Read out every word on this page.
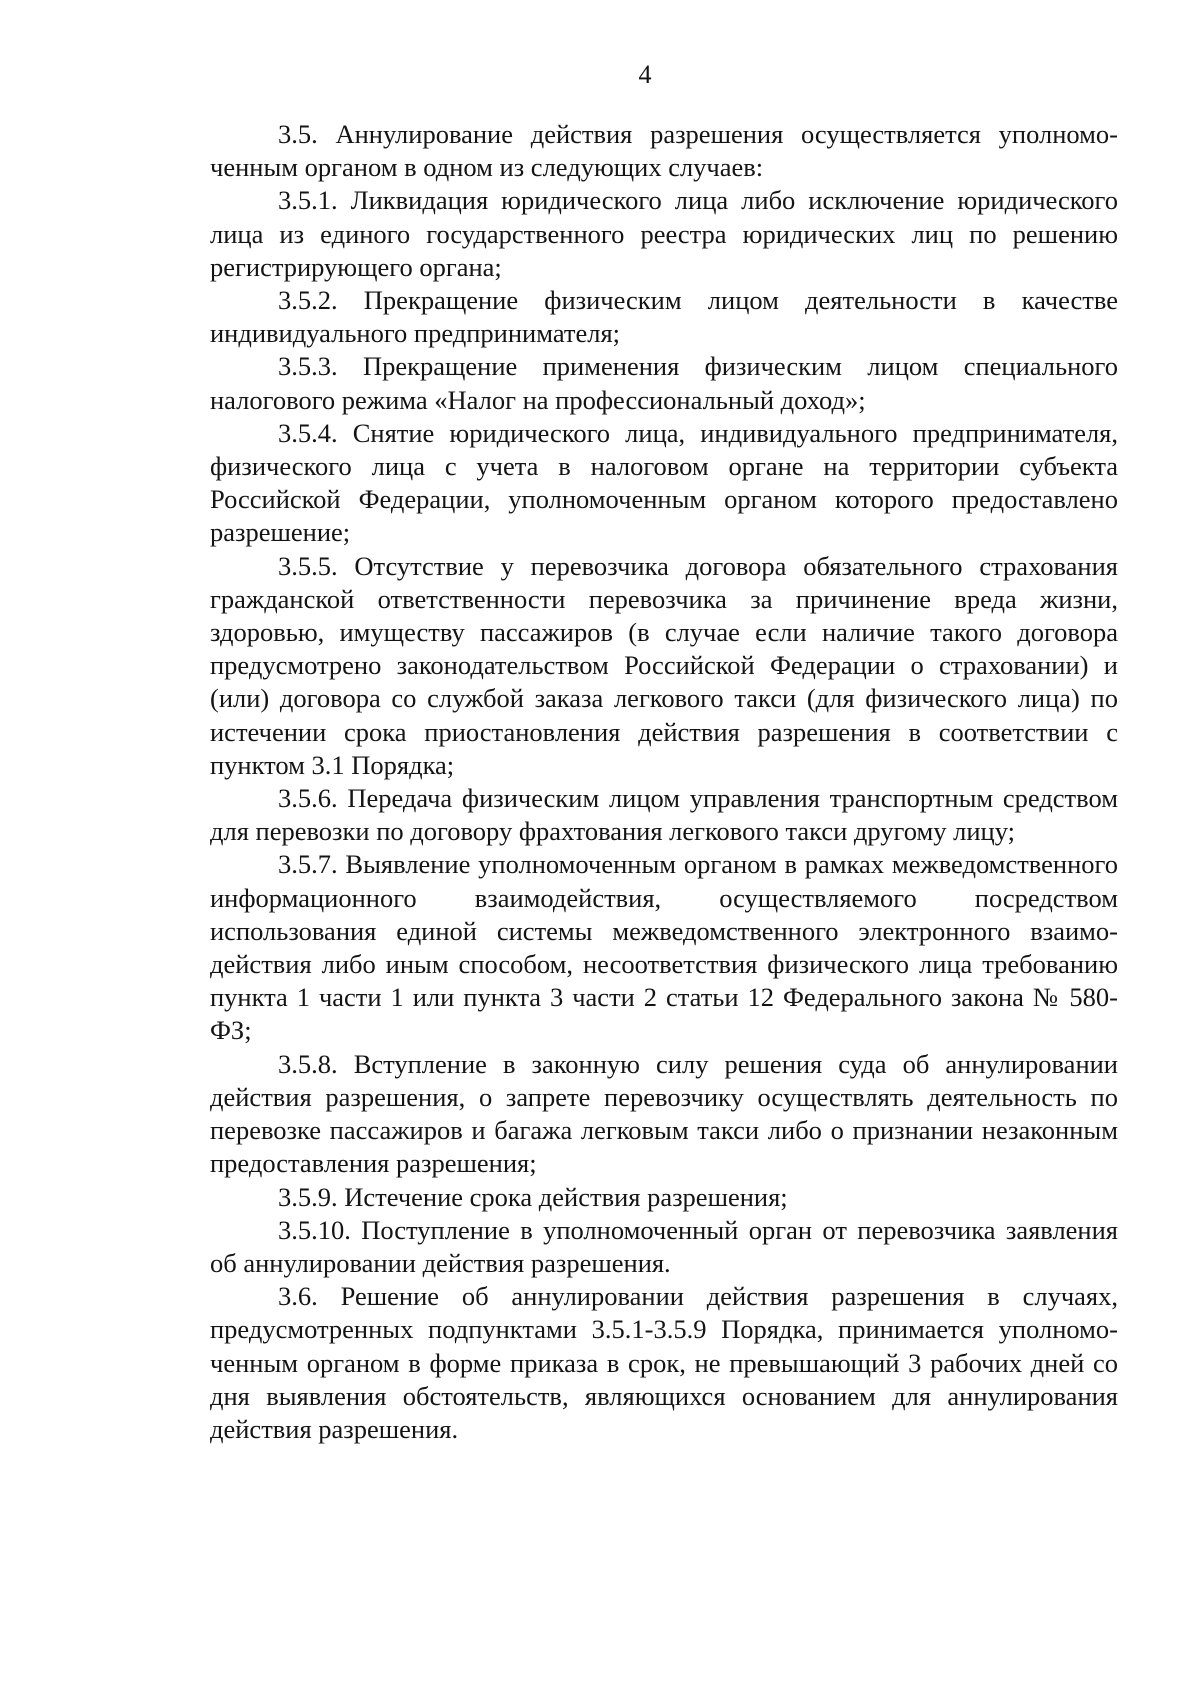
4

3.5. Аннулирование действия разрешения осуществляется уполномоченным органом в одном из следующих случаев:

3.5.1. Ликвидация юридического лица либо исключение юридического лица из единого государственного реестра юридических лиц по решению регистрирующего органа;

3.5.2. Прекращение физическим лицом деятельности в качестве индивидуального предпринимателя;

3.5.3. Прекращение применения физическим лицом специального налогового режима «Налог на профессиональный доход»;

3.5.4. Снятие юридического лица, индивидуального предпринимателя, физического лица с учета в налоговом органе на территории субъекта Российской Федерации, уполномоченным органом которого предоставлено разрешение;

3.5.5. Отсутствие у перевозчика договора обязательного страхования гражданской ответственности перевозчика за причинение вреда жизни, здоровью, имуществу пассажиров (в случае если наличие такого договора предусмотрено законодательством Российской Федерации о страховании) и (или) договора со службой заказа легкового такси (для физического лица) по истечении срока приостановления действия разрешения в соответствии с пунктом 3.1 Порядка;

3.5.6. Передача физическим лицом управления транспортным средством для перевозки по договору фрахтования легкового такси другому лицу;

3.5.7. Выявление уполномоченным органом в рамках межведомственного информационного взаимодействия, осуществляемого посредством использования единой системы межведомственного электронного взаимодействия либо иным способом, несоответствия физического лица требованию пункта 1 части 1 или пункта 3 части 2 статьи 12 Федерального закона № 580-ФЗ;

3.5.8. Вступление в законную силу решения суда об аннулировании действия разрешения, о запрете перевозчику осуществлять деятельность по перевозке пассажиров и багажа легковым такси либо о признании незаконным предоставления разрешения;

3.5.9. Истечение срока действия разрешения;

3.5.10. Поступление в уполномоченный орган от перевозчика заявления об аннулировании действия разрешения.

3.6. Решение об аннулировании действия разрешения в случаях, предусмотренных подпунктами 3.5.1-3.5.9 Порядка, принимается уполномоченным органом в форме приказа в срок, не превышающий 3 рабочих дней со дня выявления обстоятельств, являющихся основанием для аннулирования действия разрешения.
